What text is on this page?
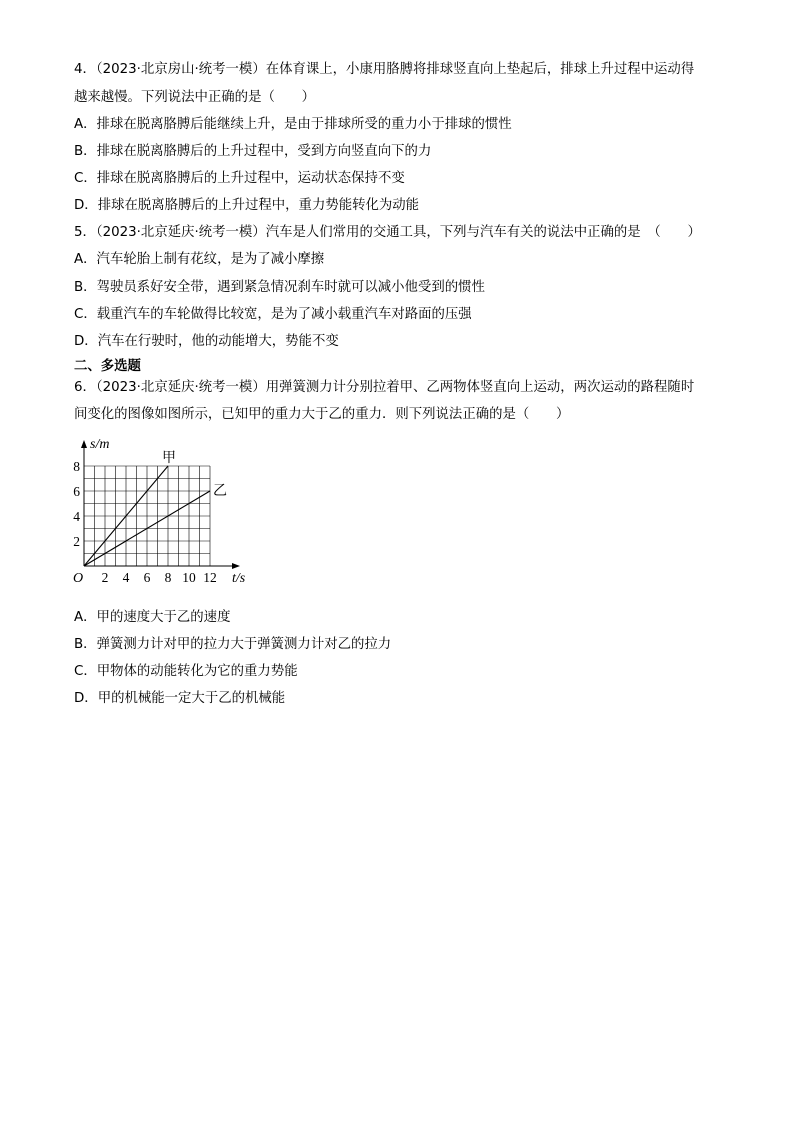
4．（2023·北京房山·统考一模）在体育课上，小康用胳膊将排球竖直向上垫起后，排球上升过程中运动得
越来越慢。下列说法中正确的是（　　）
A．排球在脱离胳膊后能继续上升，是由于排球所受的重力小于排球的惯性
B．排球在脱离胳膊后的上升过程中，受到方向竖直向下的力
C．排球在脱离胳膊后的上升过程中，运动状态保持不变
D．排球在脱离胳膊后的上升过程中，重力势能转化为动能
5．（2023·北京延庆·统考一模）汽车是人们常用的交通工具，下列与汽车有关的说法中正确的是　（　　）
A．汽车轮胎上制有花纹，是为了减小摩擦
B．驾驶员系好安全带，遇到紧急情况刹车时就可以减小他受到的惯性
C．载重汽车的车轮做得比较宽，是为了减小载重汽车对路面的压强
D．汽车在行驶时，他的动能增大，势能不变
二、多选题
6．（2023·北京延庆·统考一模）用弹簧测力计分别拉着甲、乙两物体竖直向上运动，两次运动的路程随时
间变化的图像如图所示，已知甲的重力大于乙的重力．则下列说法正确的是（　　）
甲
乙
2 4 6 8 10 12
2
4
6
8
O
s/m
t/s
A．甲的速度大于乙的速度
B．弹簧测力计对甲的拉力大于弹簧测力计对乙的拉力
C．甲物体的动能转化为它的重力势能
D．甲的机械能一定大于乙的机械能
